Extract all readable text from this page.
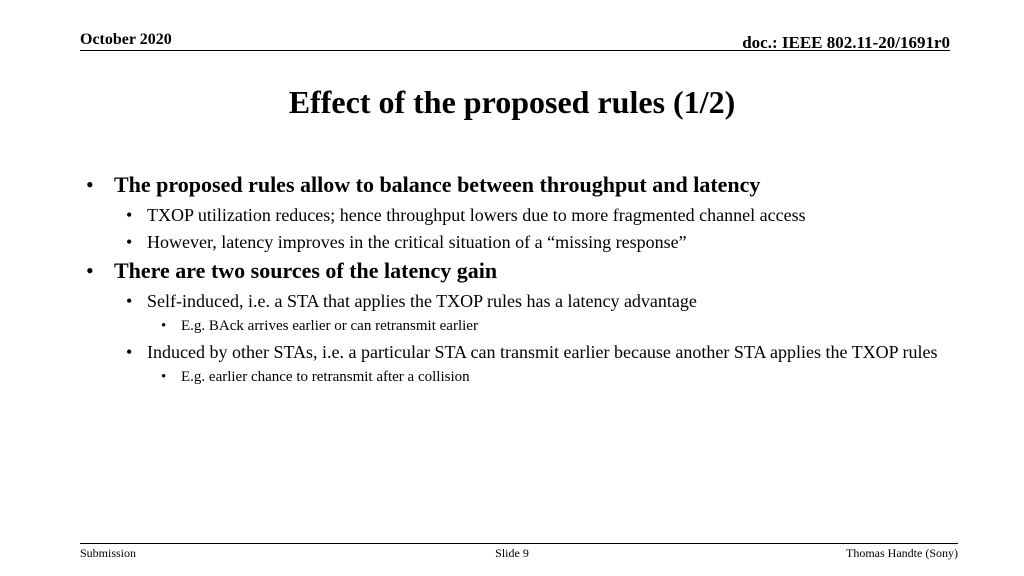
October 2020	doc.: IEEE 802.11-20/1691r0
Effect of the proposed rules (1/2)
• The proposed rules allow to balance between throughput and latency
• TXOP utilization reduces; hence throughput lowers due to more fragmented channel access
• However, latency improves in the critical situation of a “missing response”
• There are two sources of the latency gain
• Self-induced, i.e. a STA that applies the TXOP rules has a latency advantage
• E.g. BAck arrives earlier or can retransmit earlier
• Induced by other STAs, i.e. a particular STA can transmit earlier because another STA applies the TXOP rules
• E.g. earlier chance to retransmit after a collision
Submission	Slide 9	Thomas Handte (Sony)
